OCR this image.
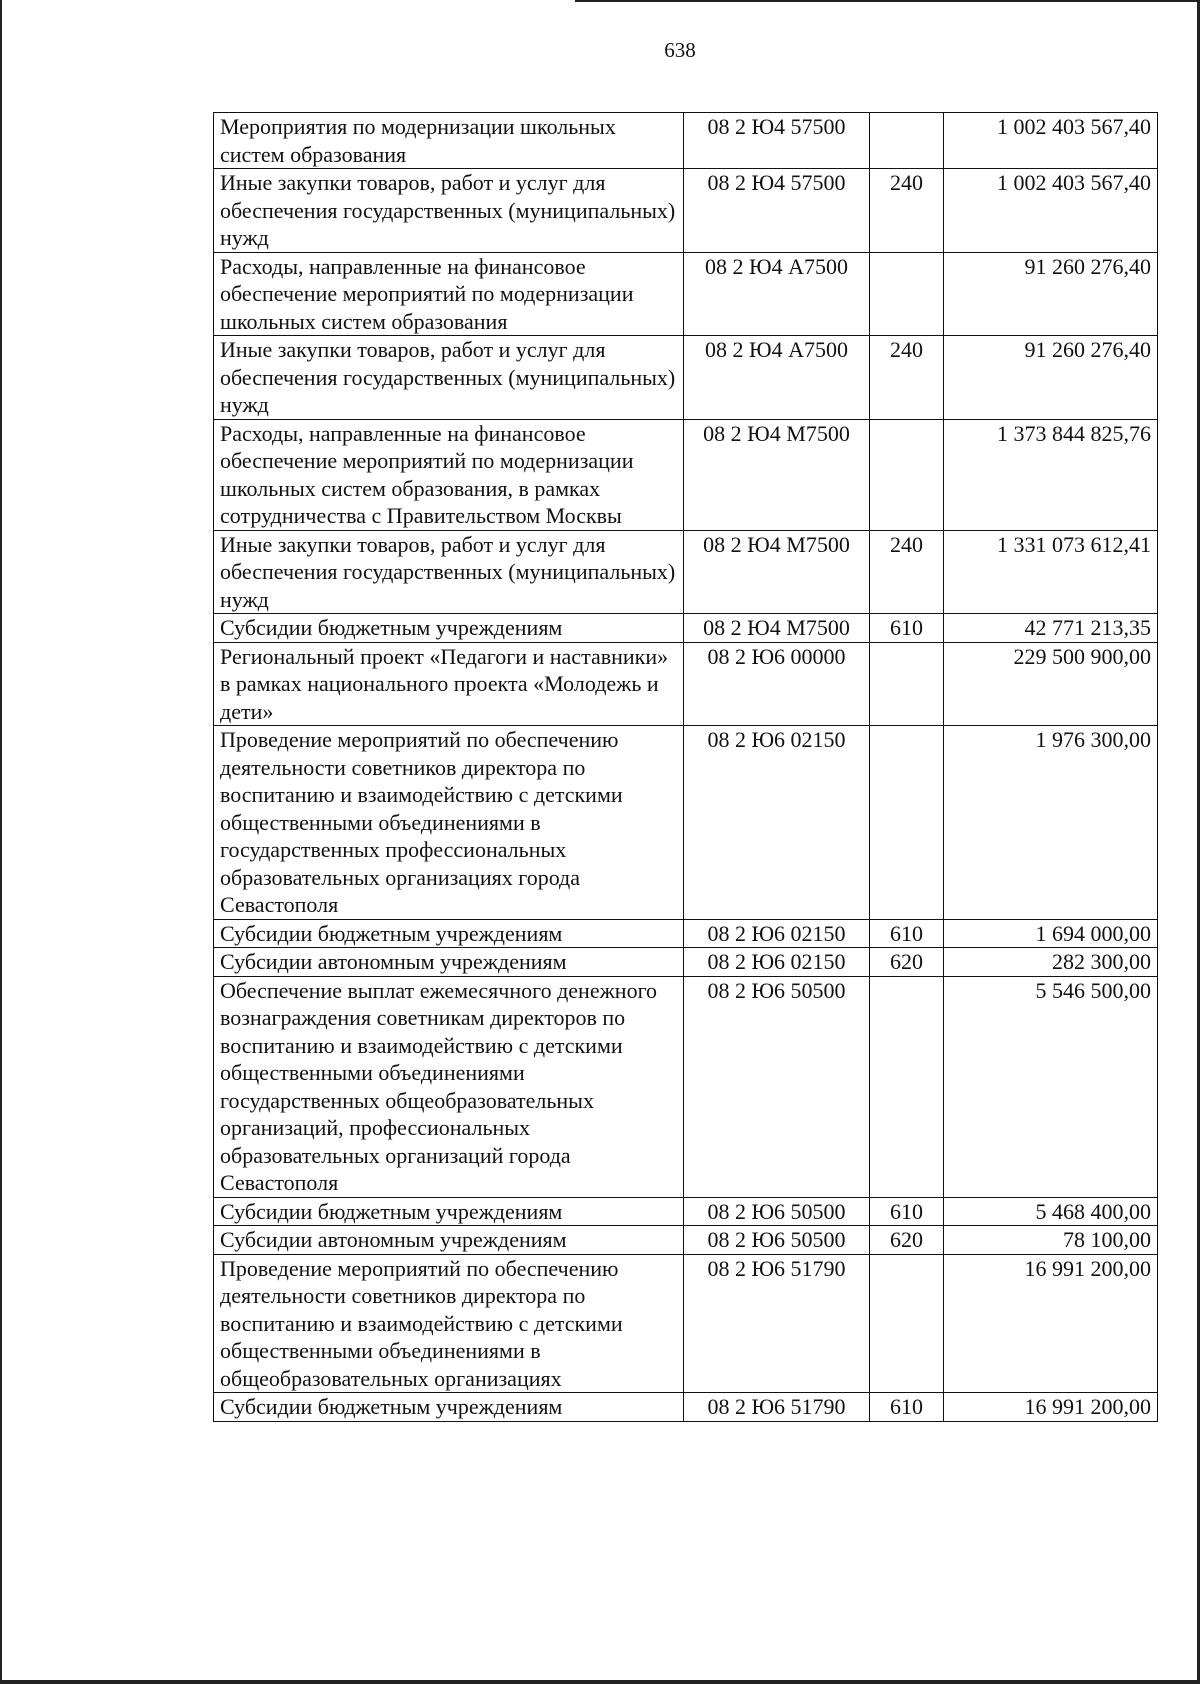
638
Мероприятия по модернизации школьных систем образования	08 2 Ю4 57500		1 002 403 567,40
Иные закупки товаров, работ и услуг для обеспечения государственных (муниципальных) нужд	08 2 Ю4 57500	240	1 002 403 567,40
Расходы, направленные на финансовое обеспечение мероприятий по модернизации школьных систем образования	08 2 Ю4 А7500		91 260 276,40
Иные закупки товаров, работ и услуг для обеспечения государственных (муниципальных) нужд	08 2 Ю4 А7500	240	91 260 276,40
Расходы, направленные на финансовое обеспечение мероприятий по модернизации школьных систем образования, в рамках сотрудничества с Правительством Москвы	08 2 Ю4 М7500		1 373 844 825,76
Иные закупки товаров, работ и услуг для обеспечения государственных (муниципальных) нужд	08 2 Ю4 М7500	240	1 331 073 612,41
Субсидии бюджетным учреждениям	08 2 Ю4 М7500	610	42 771 213,35
Региональный проект «Педагоги и наставники» в рамках национального проекта «Молодежь и дети»	08 2 Ю6 00000		229 500 900,00
Проведение мероприятий по обеспечению деятельности советников директора по воспитанию и взаимодействию с детскими общественными объединениями в государственных профессиональных образовательных организациях города Севастополя	08 2 Ю6 02150		1 976 300,00
Субсидии бюджетным учреждениям	08 2 Ю6 02150	610	1 694 000,00
Субсидии автономным учреждениям	08 2 Ю6 02150	620	282 300,00
Обеспечение выплат ежемесячного денежного вознаграждения советникам директоров по воспитанию и взаимодействию с детскими общественными объединениями государственных общеобразовательных организаций, профессиональных образовательных организаций города Севастополя	08 2 Ю6 50500		5 546 500,00
Субсидии бюджетным учреждениям	08 2 Ю6 50500	610	5 468 400,00
Субсидии автономным учреждениям	08 2 Ю6 50500	620	78 100,00
Проведение мероприятий по обеспечению деятельности советников директора по воспитанию и взаимодействию с детскими общественными объединениями в общеобразовательных организациях	08 2 Ю6 51790		16 991 200,00
Субсидии бюджетным учреждениям	08 2 Ю6 51790	610	16 991 200,00
